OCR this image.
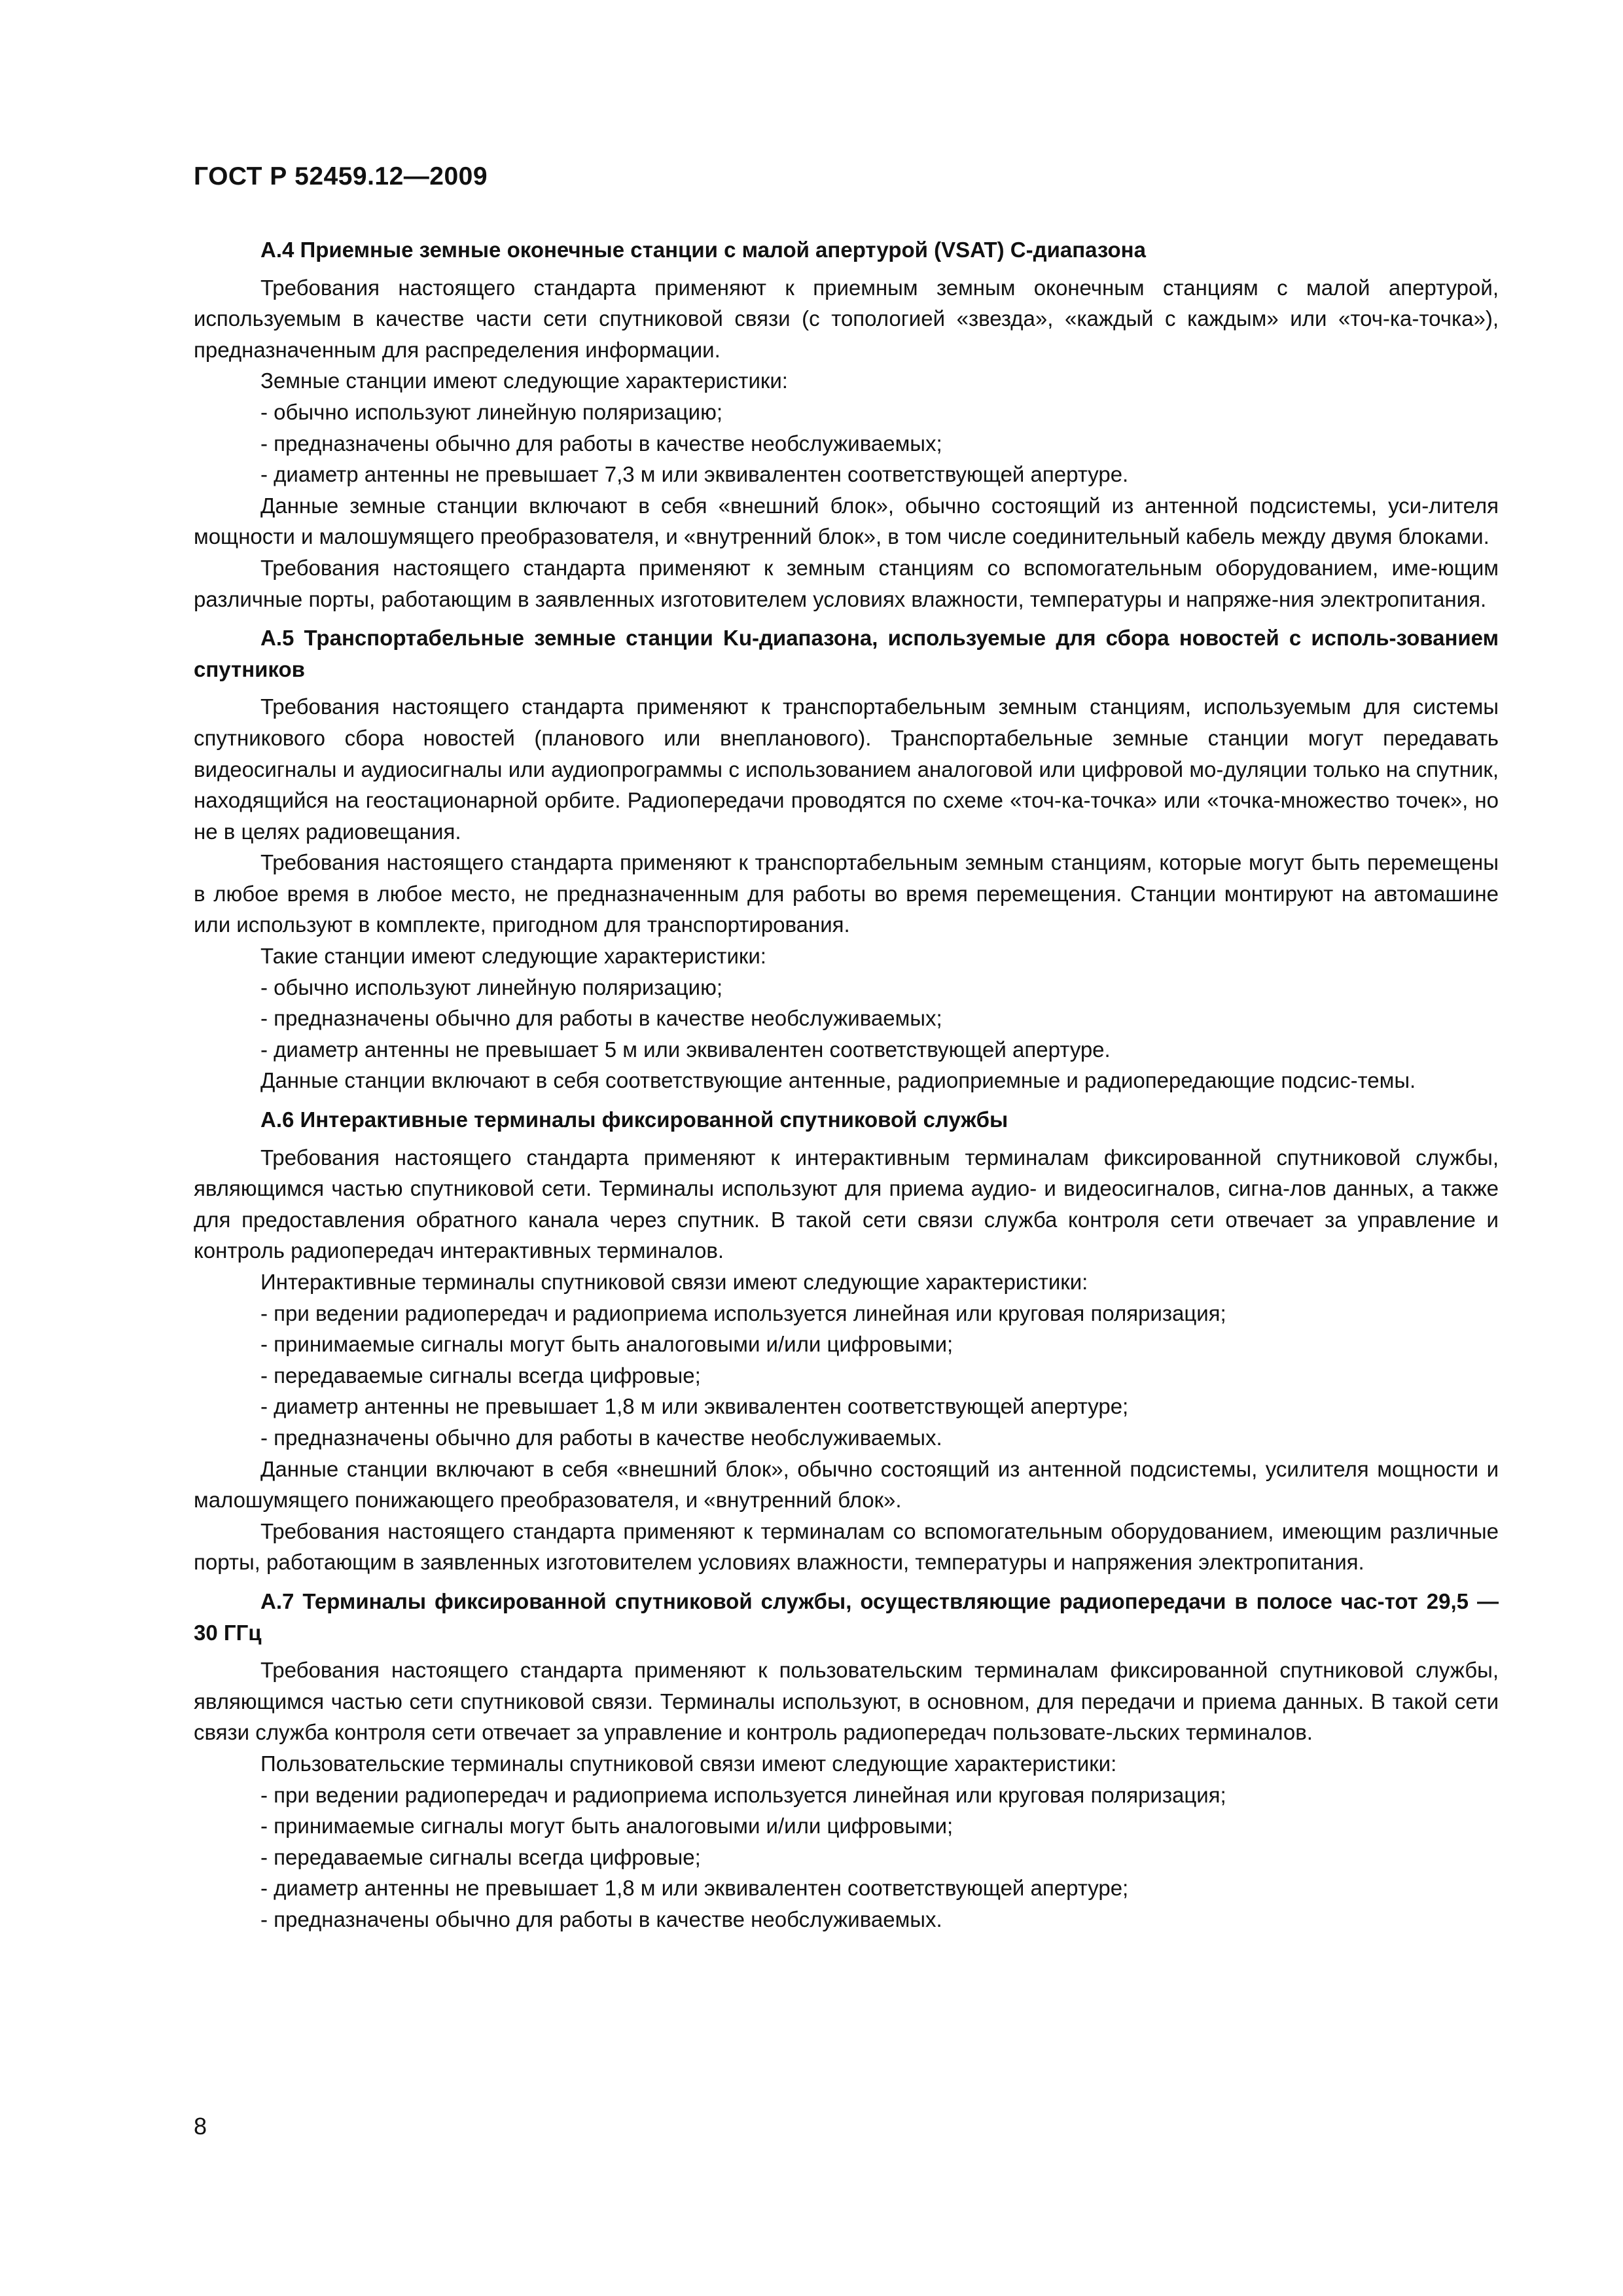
ГОСТ Р 52459.12—2009

А.4 Приемные земные оконечные станции с малой апертурой (VSAT) С-диапазона

Требования настоящего стандарта применяют к приемным земным оконечным станциям с малой апертурой, используемым в качестве части сети спутниковой связи (с топологией «звезда», «каждый с каждым» или «точ-ка-точка»), предназначенным для распределения информации.

Земные станции имеют следующие характеристики:

- обычно используют линейную поляризацию;

- предназначены обычно для работы в качестве необслуживаемых;

- диаметр антенны не превышает 7,3 м или эквивалентен соответствующей апертуре.

Данные земные станции включают в себя «внешний блок», обычно состоящий из антенной подсистемы, уси-лителя мощности и малошумящего преобразователя, и «внутренний блок», в том числе соединительный кабель между двумя блоками.

Требования настоящего стандарта применяют к земным станциям со вспомогательным оборудованием, име-ющим различные порты, работающим в заявленных изготовителем условиях влажности, температуры и напряже-ния электропитания.

А.5 Транспортабельные земные станции Ku-диапазона, используемые для сбора новостей с исполь-зованием спутников

Требования настоящего стандарта применяют к транспортабельным земным станциям, используемым для системы спутникового сбора новостей (планового или внепланового). Транспортабельные земные станции могут передавать видеосигналы и аудиосигналы или аудиопрограммы с использованием аналоговой или цифровой мо-дуляции только на спутник, находящийся на геостационарной орбите. Радиопередачи проводятся по схеме «точ-ка-точка» или «точка-множество точек», но не в целях радиовещания.

Требования настоящего стандарта применяют к транспортабельным земным станциям, которые могут быть перемещены в любое время в любое место, не предназначенным для работы во время перемещения. Станции монтируют на автомашине или используют в комплекте, пригодном для транспортирования.

Такие станции имеют следующие характеристики:

- обычно используют линейную поляризацию;

- предназначены обычно для работы в качестве необслуживаемых;

- диаметр антенны не превышает 5 м или эквивалентен соответствующей апертуре.

Данные станции включают в себя соответствующие антенные, радиоприемные и радиопередающие подсис-темы.

А.6 Интерактивные терминалы фиксированной спутниковой службы

Требования настоящего стандарта применяют к интерактивным терминалам фиксированной спутниковой службы, являющимся частью спутниковой сети. Терминалы используют для приема аудио- и видеосигналов, сигна-лов данных, а также для предоставления обратного канала через спутник. В такой сети связи служба контроля сети отвечает за управление и контроль радиопередач интерактивных терминалов.

Интерактивные терминалы спутниковой связи имеют следующие характеристики:

- при ведении радиопередач и радиоприема используется линейная или круговая поляризация;

- принимаемые сигналы могут быть аналоговыми и/или цифровыми;

- передаваемые сигналы всегда цифровые;

- диаметр антенны не превышает 1,8 м или эквивалентен соответствующей апертуре;

- предназначены обычно для работы в качестве необслуживаемых.

Данные станции включают в себя «внешний блок», обычно состоящий из антенной подсистемы, усилителя мощности и малошумящего понижающего преобразователя, и «внутренний блок».

Требования настоящего стандарта применяют к терминалам со вспомогательным оборудованием, имеющим различные порты, работающим в заявленных изготовителем условиях влажности, температуры и напряжения электропитания.

А.7 Терминалы фиксированной спутниковой службы, осуществляющие радиопередачи в полосе час-тот 29,5 — 30 ГГц

Требования настоящего стандарта применяют к пользовательским терминалам фиксированной спутниковой службы, являющимся частью сети спутниковой связи. Терминалы используют, в основном, для передачи и приема данных. В такой сети связи служба контроля сети отвечает за управление и контроль радиопередач пользовате-льских терминалов.

Пользовательские терминалы спутниковой связи имеют следующие характеристики:

- при ведении радиопередач и радиоприема используется линейная или круговая поляризация;

- принимаемые сигналы могут быть аналоговыми и/или цифровыми;

- передаваемые сигналы всегда цифровые;

- диаметр антенны не превышает 1,8 м или эквивалентен соответствующей апертуре;

- предназначены обычно для работы в качестве необслуживаемых.

8
